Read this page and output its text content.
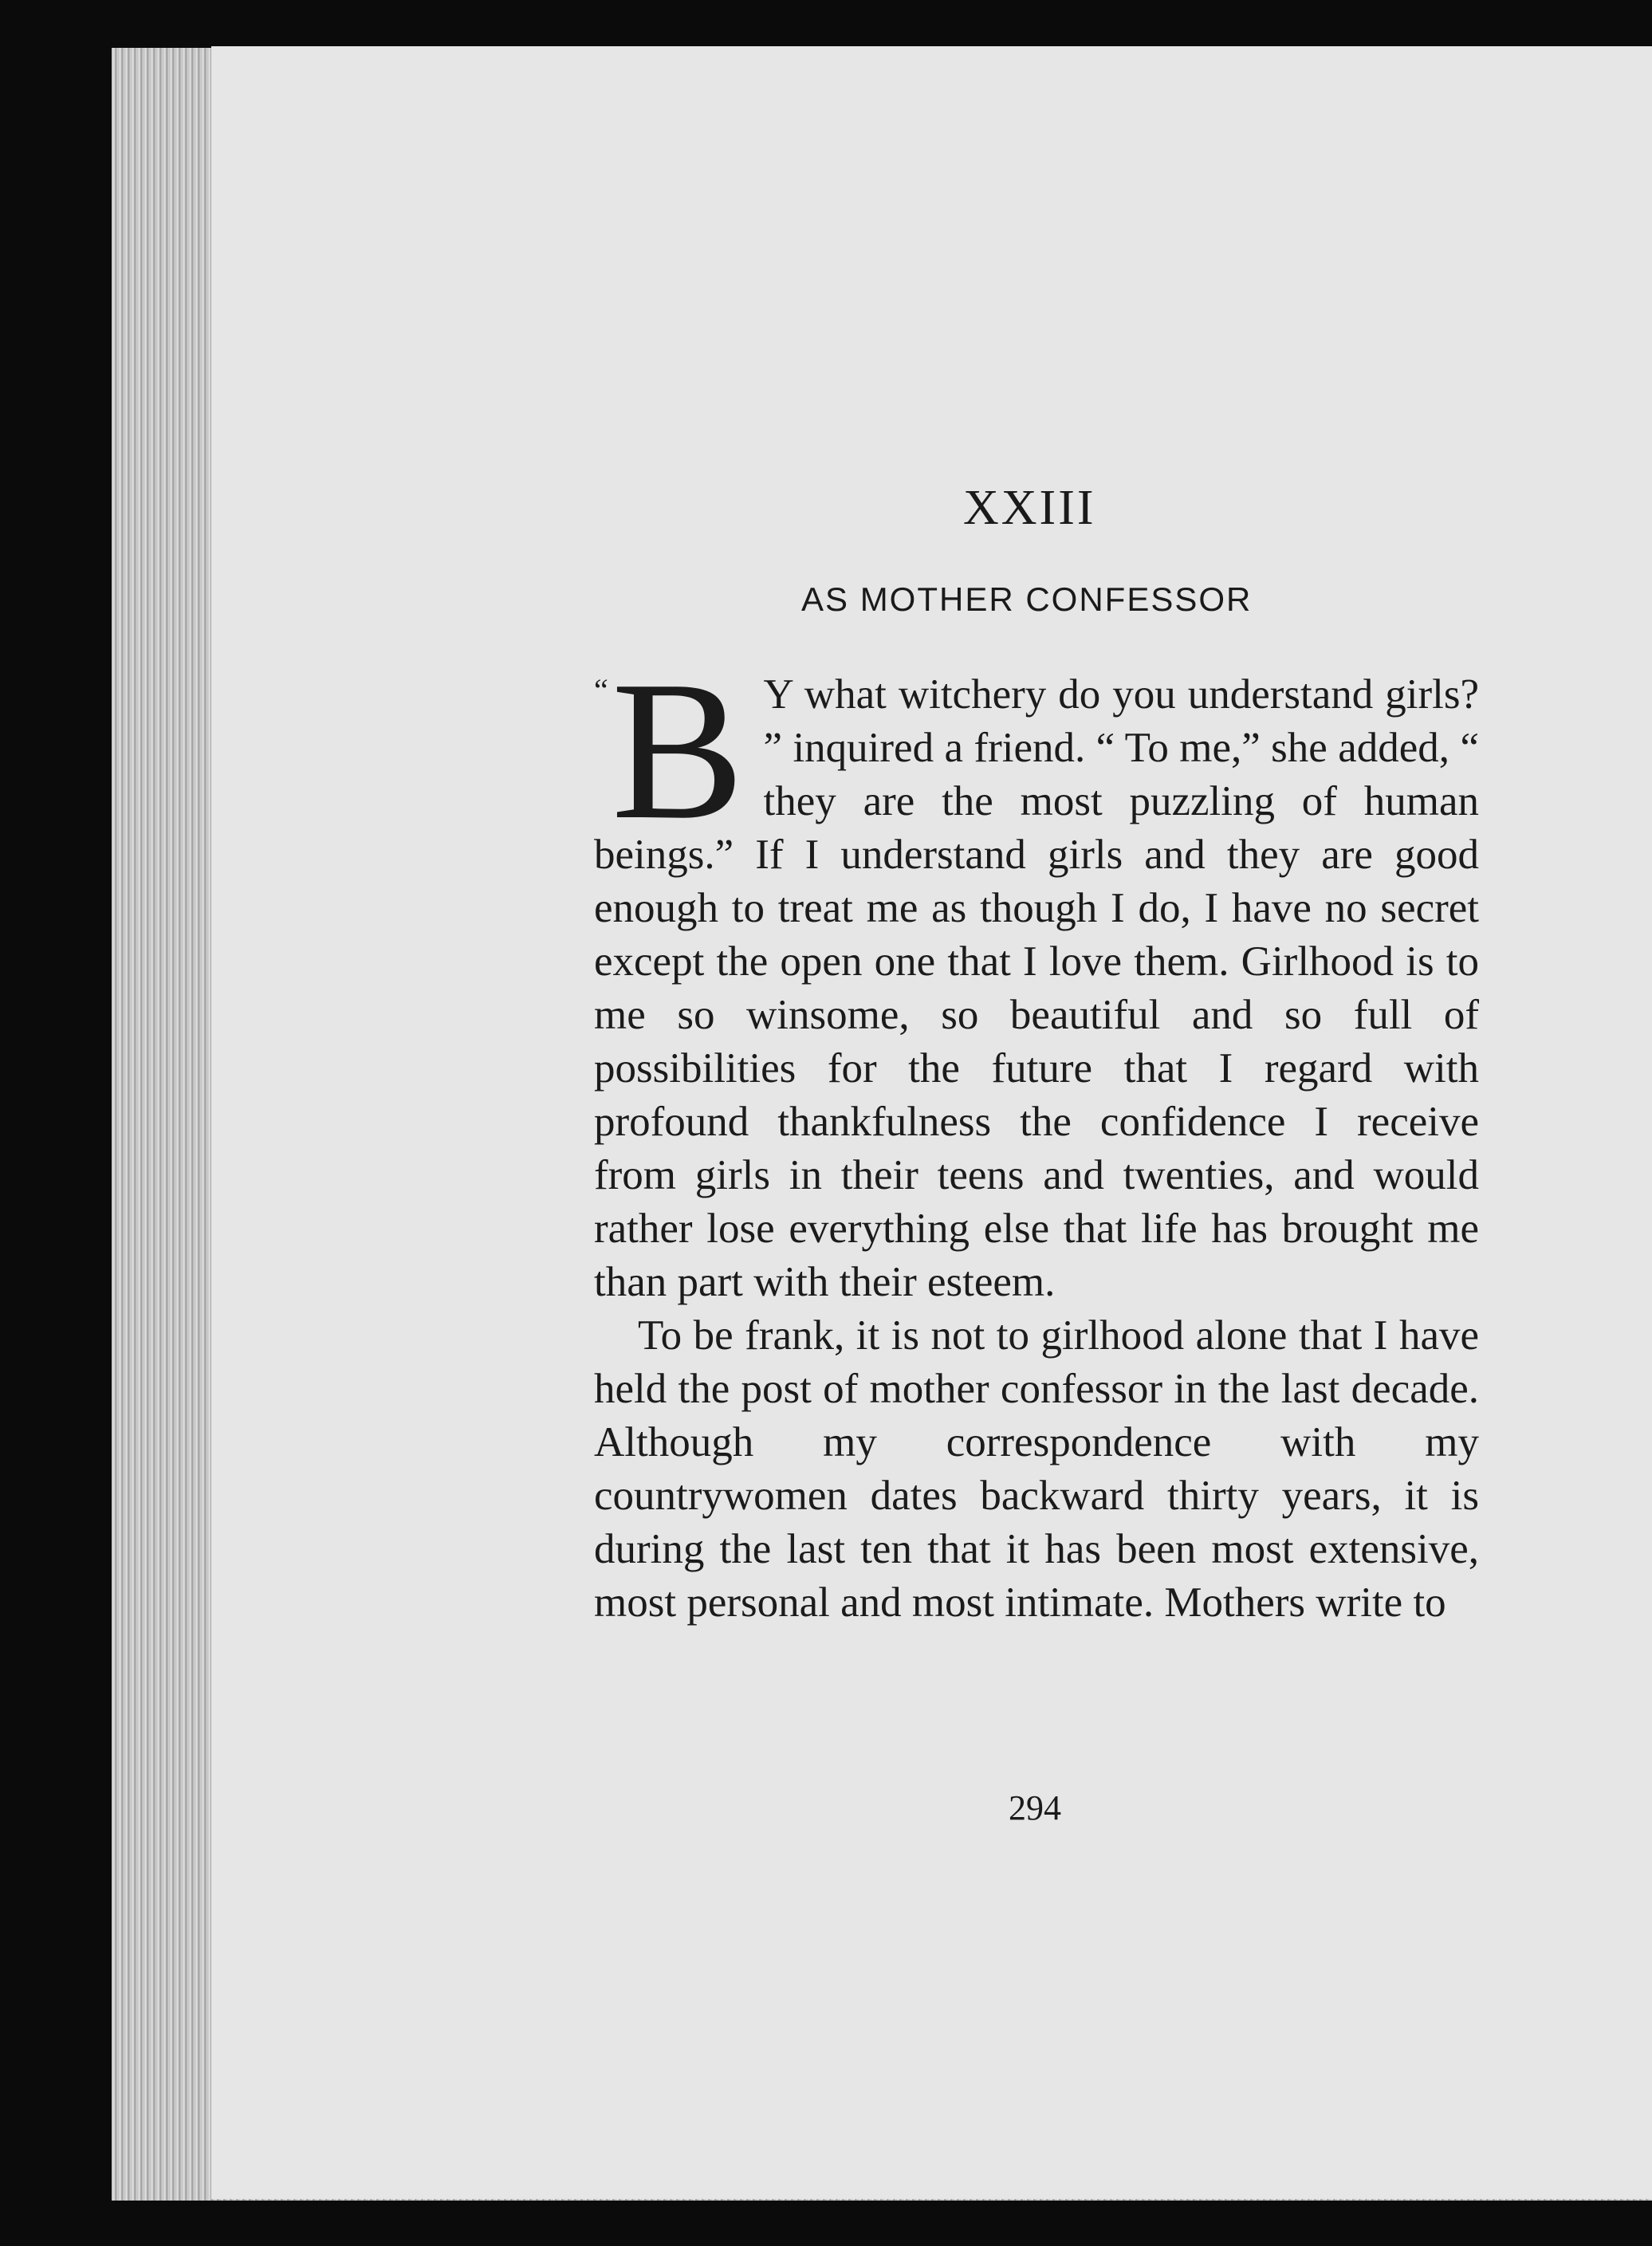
XXIII
AS MOTHER CONFESSOR

“ B Y what witchery do you understand girls? ” inquired a friend. “ To me,” she added, “ they are the most puzzling of human beings.” If I understand girls and they are good enough to treat me as though I do, I have no secret except the open one that I love them. Girlhood is to me so winsome, so beautiful and so full of possibilities for the future that I regard with profound thankfulness the confidence I receive from girls in their teens and twenties, and would rather lose everything else that life has brought me than part with their esteem.

To be frank, it is not to girlhood alone that I have held the post of mother confessor in the last decade. Although my correspondence with my countrywomen dates backward thirty years, it is during the last ten that it has been most extensive, most personal and most intimate. Mothers write to

294
